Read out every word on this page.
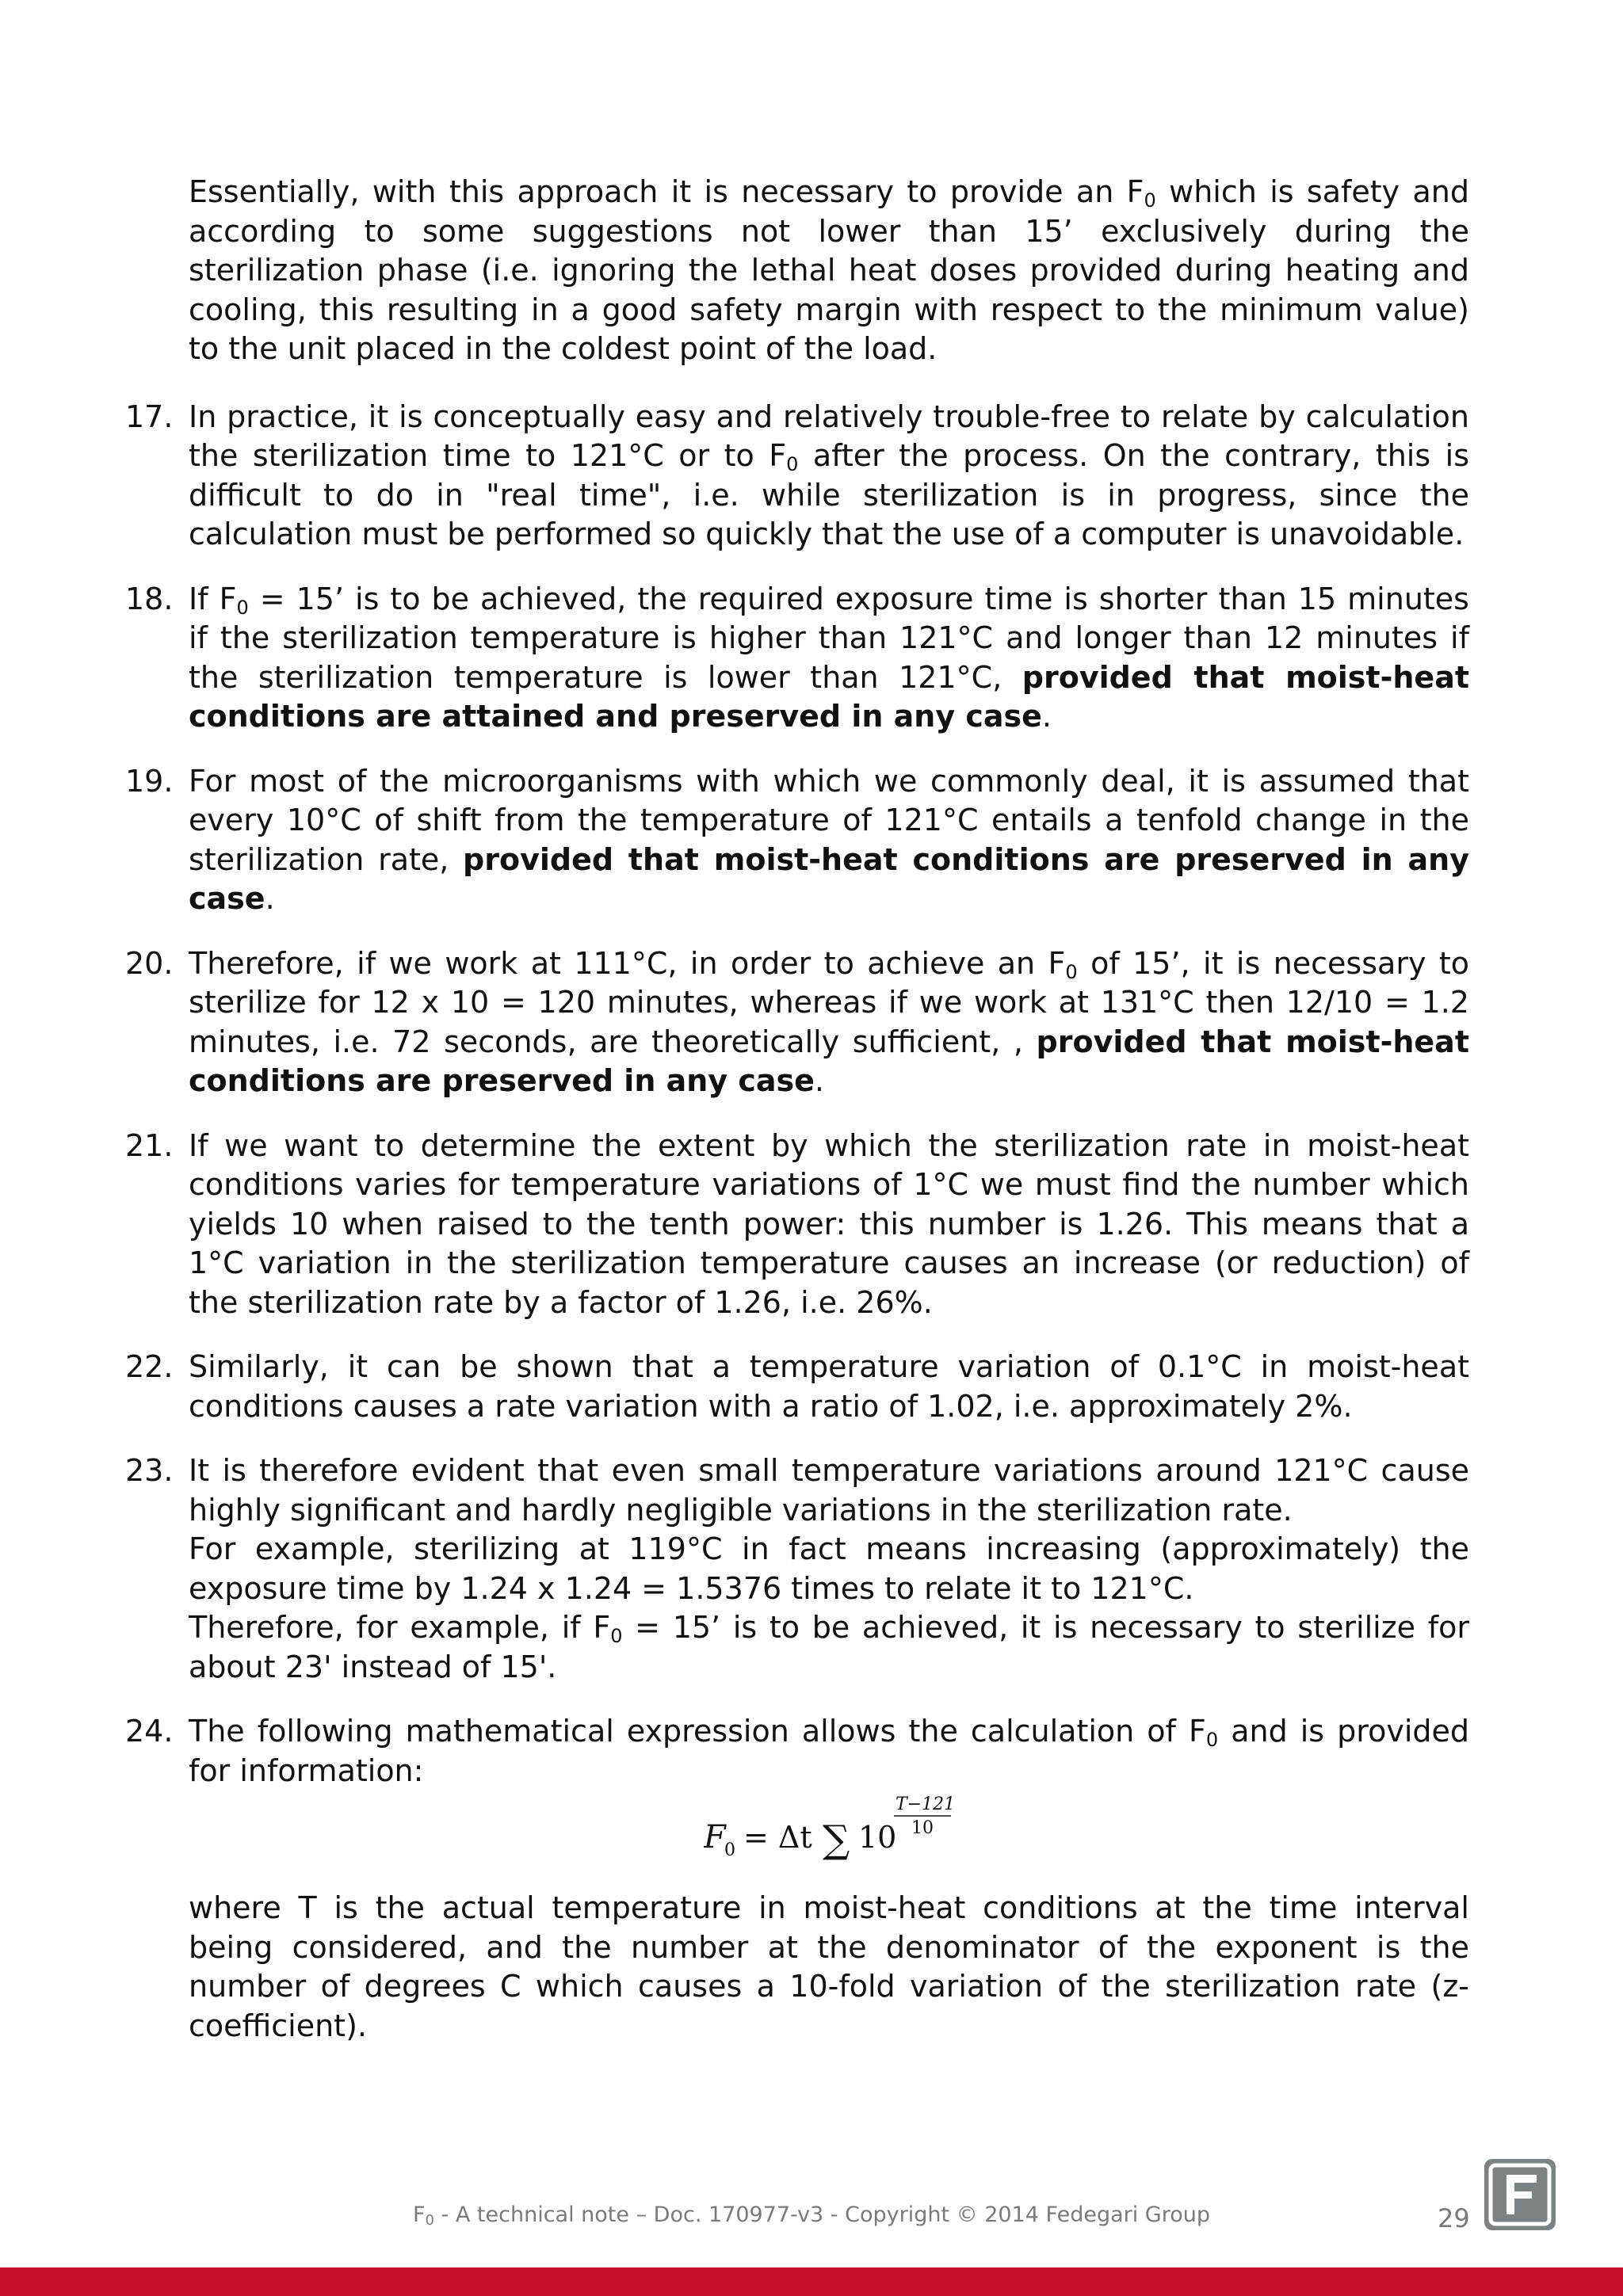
Essentially, with this approach it is necessary to provide an $F_0$ which is safety and according to some suggestions not lower than 15’ exclusively during the sterilization phase (i.e. ignoring the lethal heat doses provided during heating and cooling, this resulting in a good safety margin with respect to the minimum value) to the unit placed in the coldest point of the load.

17. In practice, it is conceptually easy and relatively trouble-free to relate by calculation the sterilization time to 121°C or to $F_0$ after the process. On the contrary, this is difficult to do in "real time", i.e. while sterilization is in progress, since the calculation must be performed so quickly that the use of a computer is unavoidable.

18. If $F_0 = 15$’ is to be achieved, the required exposure time is shorter than 15 minutes if the sterilization temperature is higher than 121°C and longer than 12 minutes if the sterilization temperature is lower than 121°C, provided that moist-heat conditions are attained and preserved in any case.

19. For most of the microorganisms with which we commonly deal, it is assumed that every 10°C of shift from the temperature of 121°C entails a tenfold change in the sterilization rate, provided that moist-heat conditions are preserved in any case.

20. Therefore, if we work at 111°C, in order to achieve an $F_0$ of 15’, it is necessary to sterilize for 12 x 10 = 120 minutes, whereas if we work at 131°C then 12/10 = 1.2 minutes, i.e. 72 seconds, are theoretically sufficient, , provided that moist-heat conditions are preserved in any case.

21. If we want to determine the extent by which the sterilization rate in moist-heat conditions varies for temperature variations of 1°C we must find the number which yields 10 when raised to the tenth power: this number is 1.26. This means that a 1°C variation in the sterilization temperature causes an increase (or reduction) of the sterilization rate by a factor of 1.26, i.e. 26%.

22. Similarly, it can be shown that a temperature variation of 0.1°C in moist-heat conditions causes a rate variation with a ratio of 1.02, i.e. approximately 2%.

23. It is therefore evident that even small temperature variations around 121°C cause highly significant and hardly negligible variations in the sterilization rate.

For example, sterilizing at 119°C in fact means increasing (approximately) the exposure time by 1.24 x 1.24 = 1.5376 times to relate it to 121°C.

Therefore, for example, if $F_0 = 15$’ is to be achieved, it is necessary to sterilize for about 23' instead of 15'.

24. The following mathematical expression allows the calculation of $F_0$ and is provided for information:

F
0 = Δt ∑ 10
T−121
10

where T is the actual temperature in moist-heat conditions at the time interval being considered, and the number at the denominator of the exponent is the number of degrees C which causes a 10-fold variation of the sterilization rate (z-coefficient).

$F_0$ - A technical note – Doc. 170977-v3 - Copyright © 2014 Fedegari Group	29
